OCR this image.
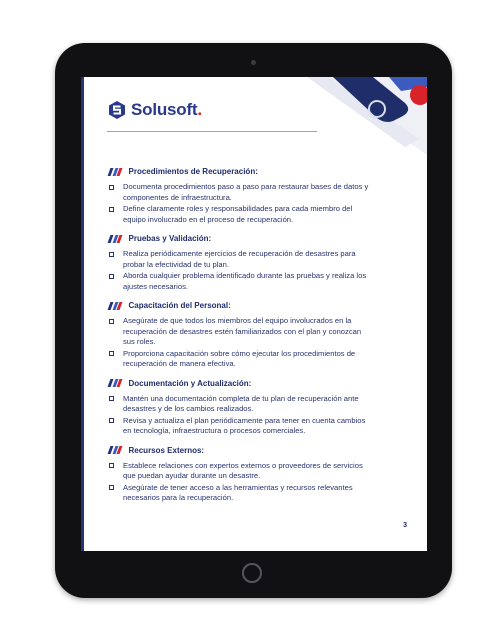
Solusoft.
Procedimientos de Recuperación:
Documenta procedimientos paso a paso para restaurar bases de datos y
componentes de infraestructura.
Define claramente roles y responsabilidades para cada miembro del
equipo involucrado en el proceso de recuperación.
Pruebas y Validación:
Realiza periódicamente ejercicios de recuperación de desastres para
probar la efectividad de tu plan.
Aborda cualquier problema identificado durante las pruebas y realiza los
ajustes necesarios.
Capacitación del Personal:
Asegúrate de que todos los miembros del equipo involucrados en la
recuperación de desastres estén familiarizados con el plan y conozcan
sus roles.
Proporciona capacitación sobre cómo ejecutar los procedimientos de
recuperación de manera efectiva.
Documentación y Actualización:
Mantén una documentación completa de tu plan de recuperación ante
desastres y de los cambios realizados.
Revisa y actualiza el plan periódicamente para tener en cuenta cambios
en tecnología, infraestructura o procesos comerciales.
Recursos Externos:
Establece relaciones con expertos externos o proveedores de servicios
que puedan ayudar durante un desastre.
Asegúrate de tener acceso a las herramientas y recursos relevantes
necesarios para la recuperación.
3
